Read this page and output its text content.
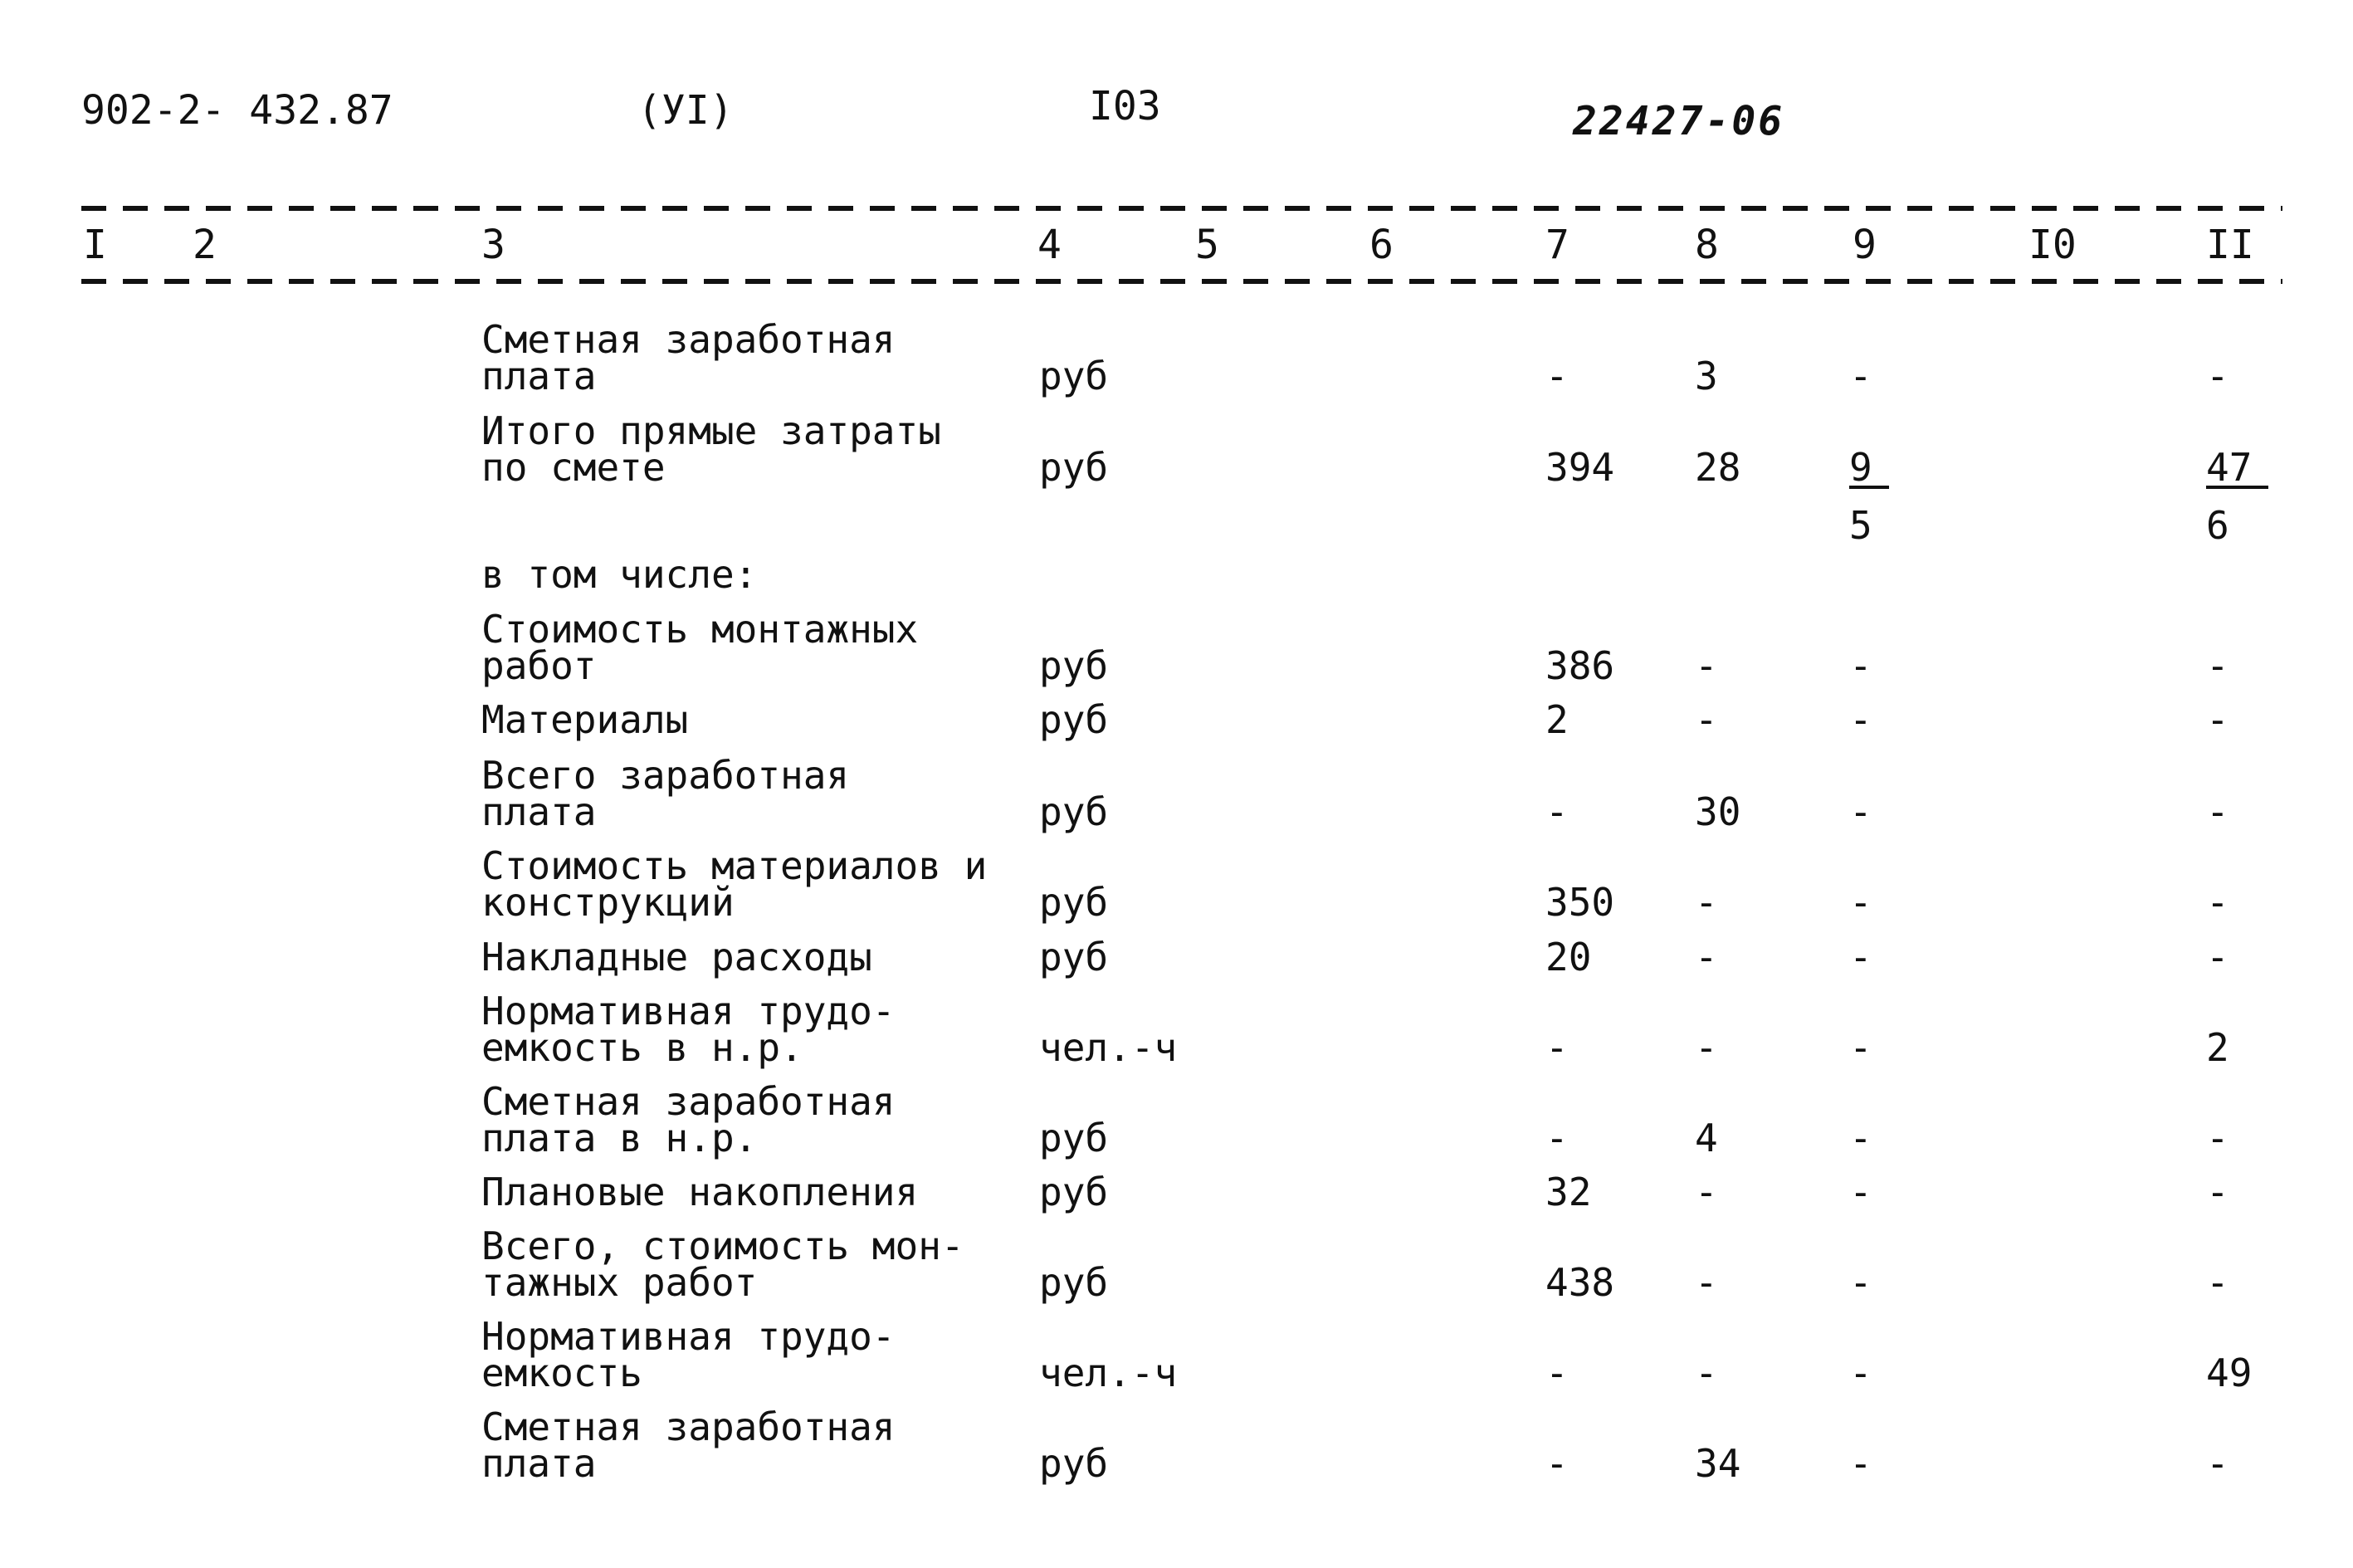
902-2- 432.87	(УI)	I03	22427-06
I 2	3	4	5	6	7	8	9	I0	II
Сметная заработная
плата	руб	-	3	-	-
Итого прямые затраты
по смете	руб	394 28	$\frac{9}{5}$	$\frac{47}{6}$
в том числе:
Стоимость монтажных
работ	руб	386 -	-	-
Материалы	руб	2	-	-	-
Всего заработная
плата	руб	-	30	-	-
Стоимость материалов и
конструкций	руб	350 -	-	-
Накладные расходы	руб	20	-	-	-
Нормативная трудо-
емкость в н.р.	чел.-ч	-	-	-	2
Сметная заработная
плата в н.р.	руб	-	4	-	-
Плановые накопления	руб	32	-	-	-
Всего, стоимость мон-
тажных работ	руб	438 -	-	-
Нормативная трудо-
емкость	чел.-ч	-	-	-	49
Сметная заработная
плата	руб	-	34	-	-
